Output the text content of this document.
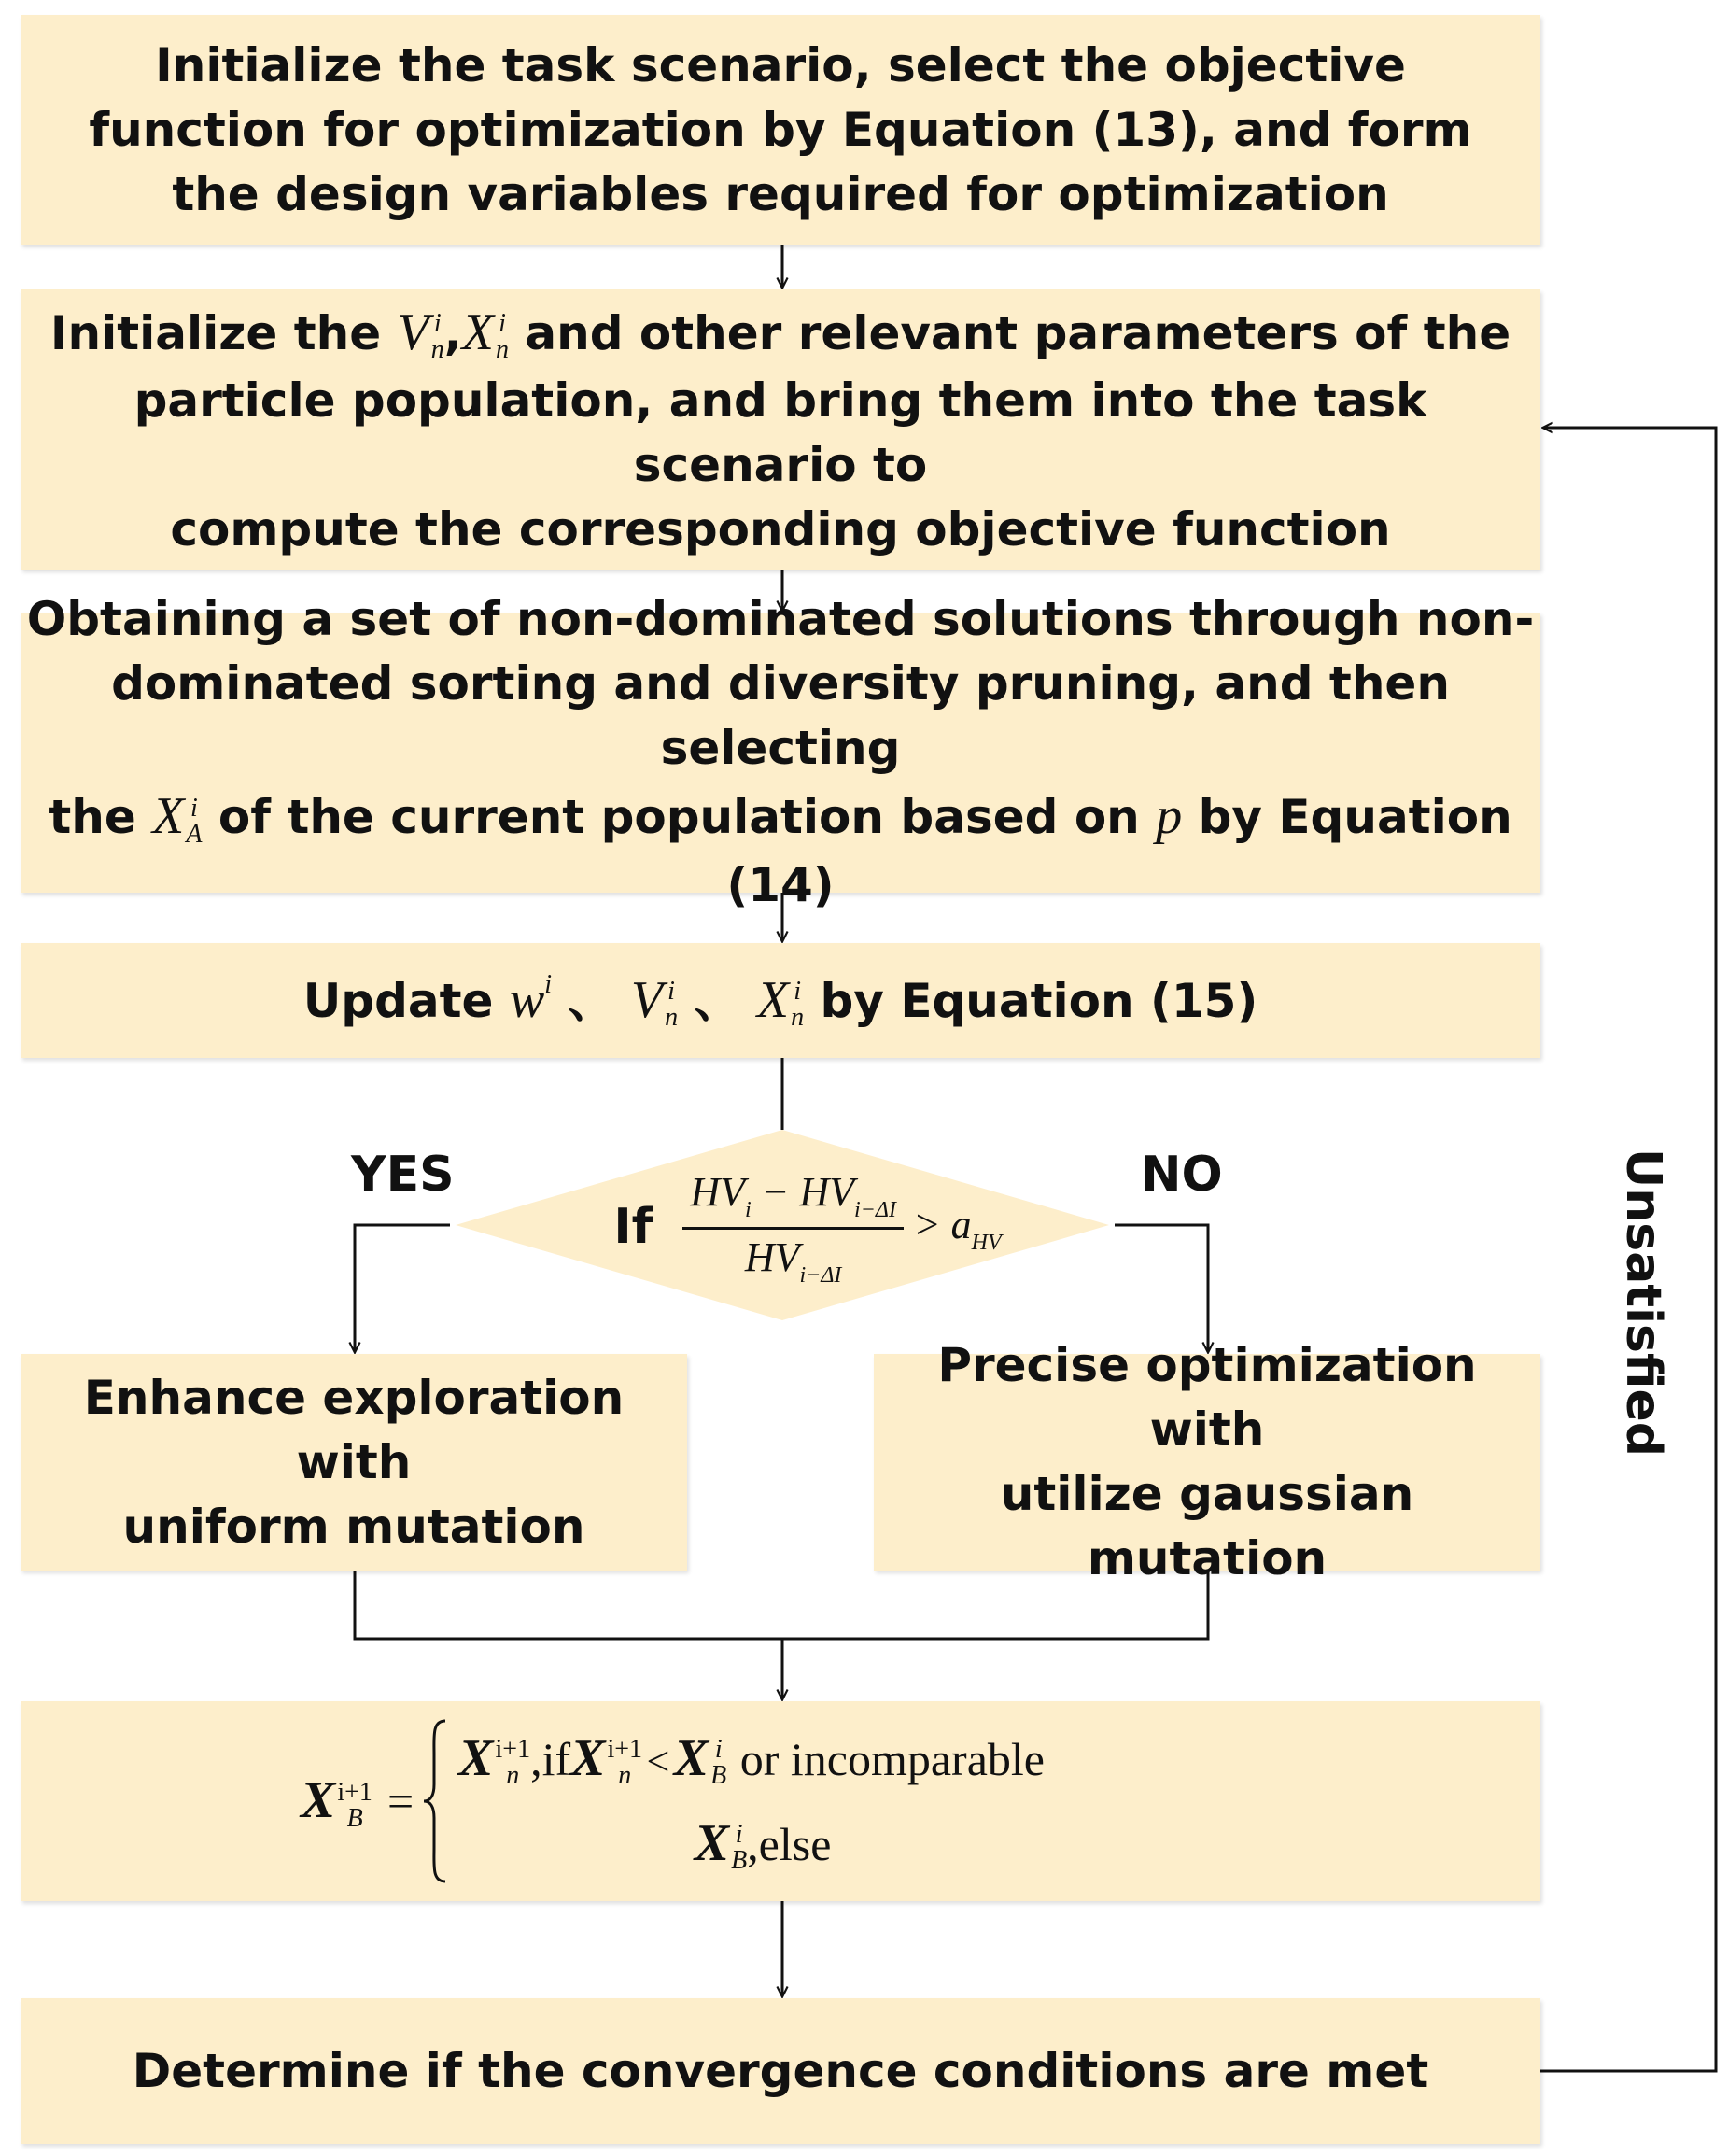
Initialize the task scenario, select the objective function for optimization by Equation (13), and form the design variables required for optimization
Initialize the V i
n ,X i
n and other relevant parameters of the
particle population, and bring them into the task scenario to
compute the corresponding objective function
Obtaining a set of non-dominated solutions through non-
dominated sorting and diversity pruning, and then selecting
the X i
A of the current population based on p by Equation (14)
Update $w^i$ 、 V i
n 、 X i
n by Equation (15)
If $\frac{HV_i - HV_{i-\Delta I}}{HV_{i-\Delta I}} > a_{HV}$
YES	NO
Enhance exploration with
uniform mutation
Precise optimization with
utilize gaussian mutation
X i+1
B =
X i+1
n ,ifX i+1
n < X i
B or incomparable
X i
B ,else
Determine if the convergence conditions are met
Unsatisfied
